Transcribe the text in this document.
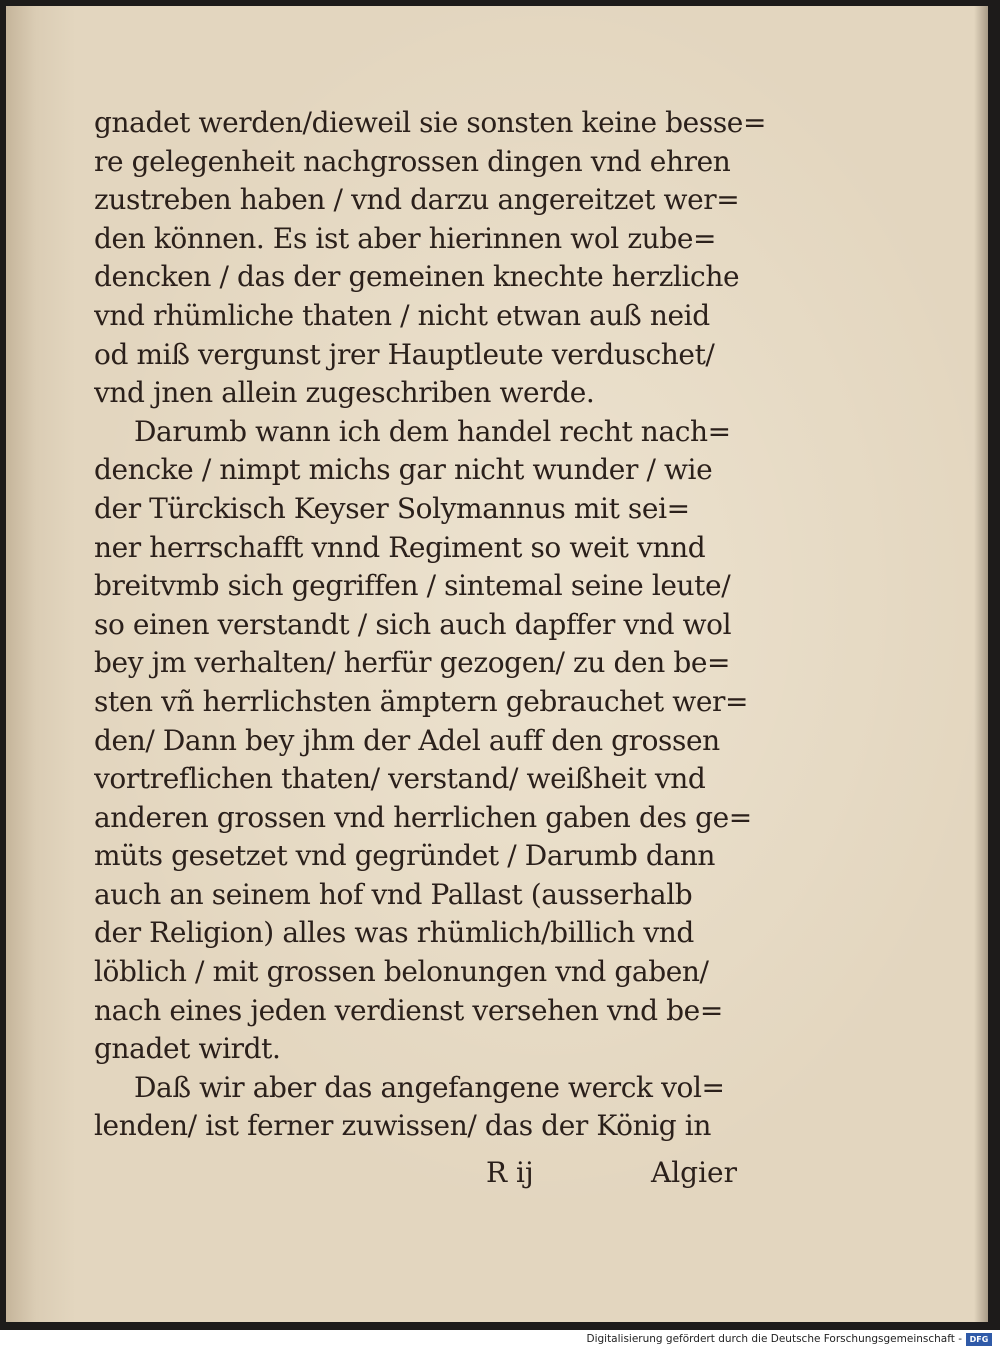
gnadet werden/dieweil sie sonsten keine besse=
re gelegenheit nachgrossen dingen vnd ehren
zustreben haben / vnd darzu angereitzet wer=
den können. Es ist aber hierinnen wol zube=
dencken / das der gemeinen knechte herzliche
vnd rhümliche thaten / nicht etwan auß neid
od miß vergunst jrer Hauptleute verduschet/
vnd jnen allein zugeschriben werde.
Darumb wann ich dem handel recht nach=
dencke / nimpt michs gar nicht wunder / wie
der Türckisch Keyser Solymannus mit sei=
ner herrschafft vnnd Regiment so weit vnnd
breitvmb sich gegriffen / sintemal seine leute/
so einen verstandt / sich auch dapffer vnd wol
bey jm verhalten/ herfür gezogen/ zu den be=
sten vñ herrlichsten ämptern gebrauchet wer=
den/ Dann bey jhm der Adel auff den grossen
vortreflichen thaten/ verstand/ weißheit vnd
anderen grossen vnd herrlichen gaben des ge=
müts gesetzet vnd gegründet / Darumb dann
auch an seinem hof vnd Pallast (ausserhalb
der Religion) alles was rhümlich/billich vnd
löblich / mit grossen belonungen vnd gaben/
nach eines jeden verdienst versehen vnd be=
gnadet wirdt.
Daß wir aber das angefangene werck vol=
lenden/ ist ferner zuwissen/ das der König in
R ij	Algier
Digitalisierung gefördert durch die Deutsche Forschungsgemeinschaft - DFG
